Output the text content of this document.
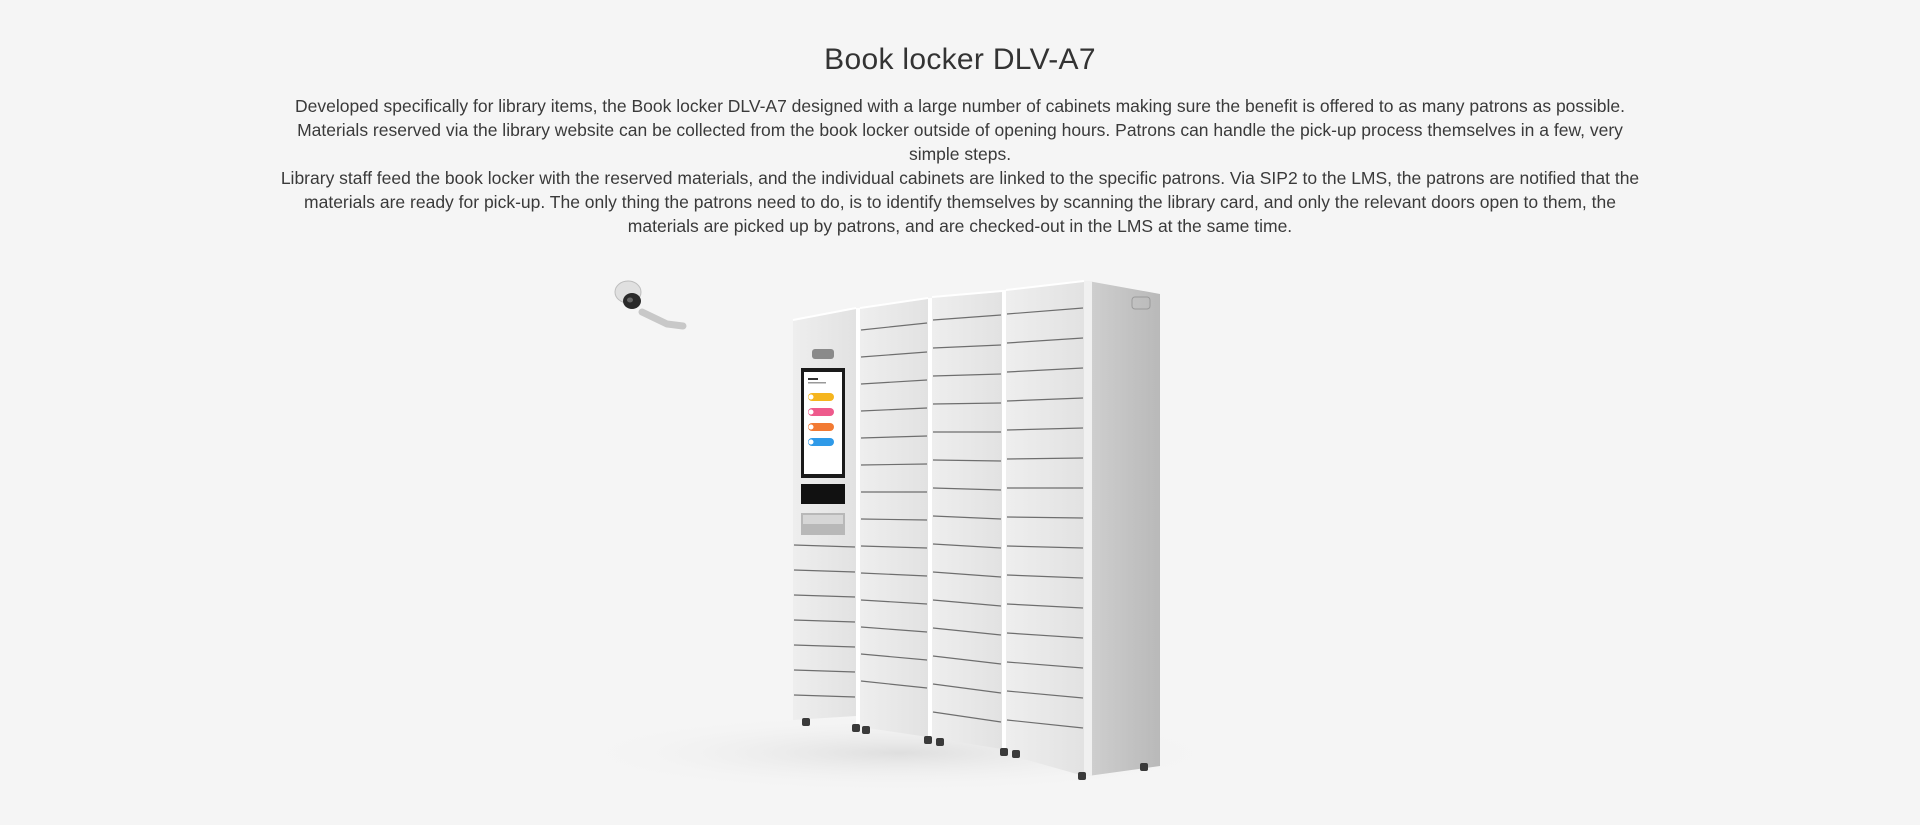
Book locker DLV-A7

Developed specifically for library items, the Book locker DLV-A7 designed with a large number of cabinets making sure the benefit is offered to as many patrons as possible. Materials reserved via the library website can be collected from the book locker outside of opening hours. Patrons can handle the pick-up process themselves in a few, very simple steps.

Library staff feed the book locker with the reserved materials, and the individual cabinets are linked to the specific patrons. Via SIP2 to the LMS, the patrons are notified that the materials are ready for pick-up. The only thing the patrons need to do, is to identify themselves by scanning the library card, and only the relevant doors open to them, the materials are picked up by patrons, and are checked-out in the LMS at the same time.
